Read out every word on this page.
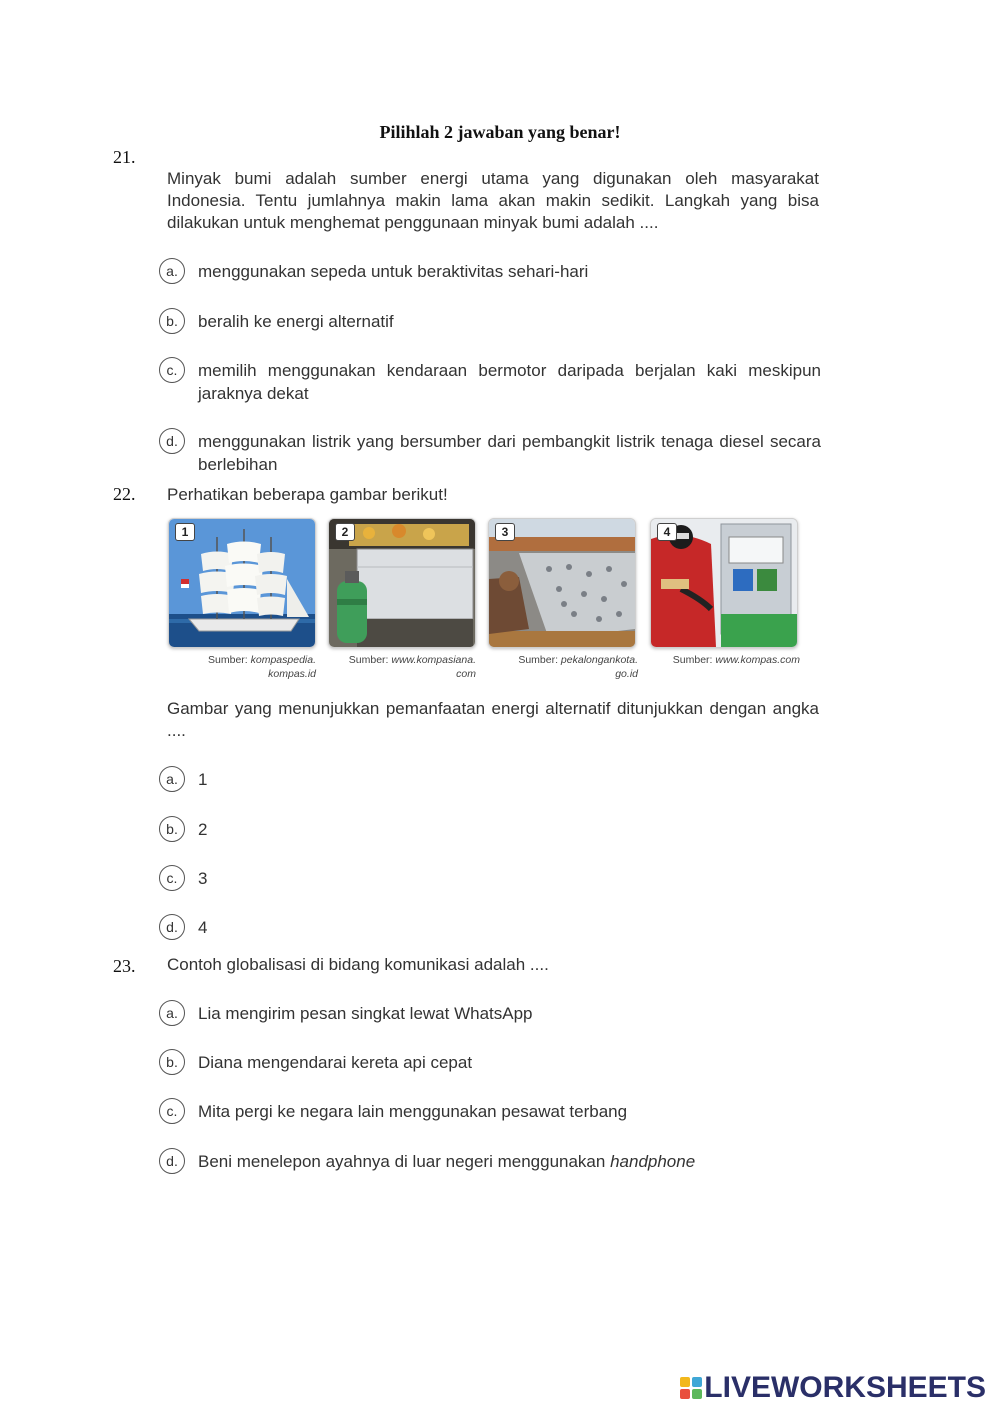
Pilihlah 2 jawaban yang benar!
21.
Minyak bumi adalah sumber energi utama yang digunakan oleh masyarakat Indonesia. Tentu jumlahnya makin lama akan makin sedikit. Langkah yang bisa dilakukan untuk menghemat penggunaan minyak bumi adalah ....
a.	menggunakan sepeda untuk beraktivitas sehari-hari
b.	beralih ke energi alternatif
c.	memilih menggunakan kendaraan bermotor daripada berjalan kaki meskipun jaraknya dekat
d.	menggunakan listrik yang bersumber dari pembangkit listrik tenaga diesel secara berlebihan
22. Perhatikan beberapa gambar berikut!
1	2	3	4
Sumber: kompaspedia.
kompas.id
Sumber: www.kompasiana.
com
Sumber: pekalongankota.
go.id
Sumber: www.kompas.com
Gambar yang menunjukkan pemanfaatan energi alternatif ditunjukkan dengan angka ....
a.	1
b.	2
c.	3
d.	4
23. Contoh globalisasi di bidang komunikasi adalah ....
a.	Lia mengirim pesan singkat lewat WhatsApp
b.	Diana mengendarai kereta api cepat
c.	Mita pergi ke negara lain menggunakan pesawat terbang
d.	Beni menelepon ayahnya di luar negeri menggunakan handphone
LIVEWORKSHEETS
